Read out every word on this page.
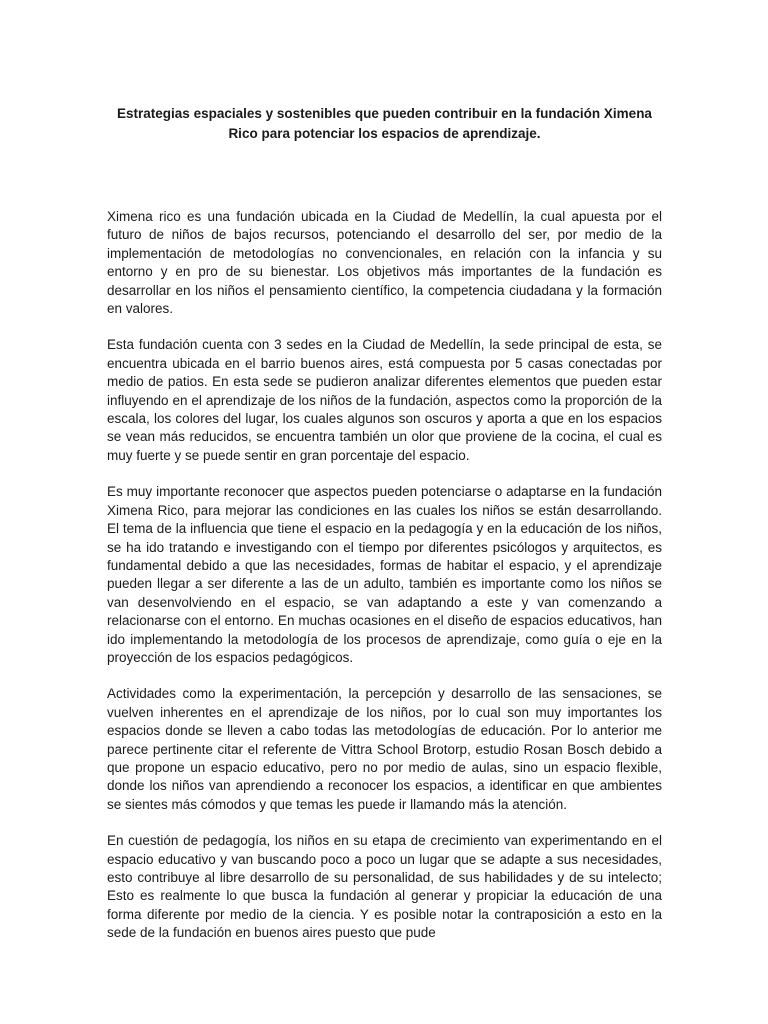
Estrategias espaciales y sostenibles que pueden contribuir en la fundación Ximena Rico para potenciar los espacios de aprendizaje.

Ximena rico es una fundación ubicada en la Ciudad de Medellín, la cual apuesta por el futuro de niños de bajos recursos, potenciando el desarrollo del ser, por medio de la implementación de metodologías no convencionales, en relación con la infancia y su entorno y en pro de su bienestar. Los objetivos más importantes de la fundación es desarrollar en los niños el pensamiento científico, la competencia ciudadana y la formación en valores.

Esta fundación cuenta con 3 sedes en la Ciudad de Medellín, la sede principal de esta, se encuentra ubicada en el barrio buenos aires, está compuesta por 5 casas conectadas por medio de patios. En esta sede se pudieron analizar diferentes elementos que pueden estar influyendo en el aprendizaje de los niños de la fundación, aspectos como la proporción de la escala, los colores del lugar, los cuales algunos son oscuros y aporta a que en los espacios se vean más reducidos, se encuentra también un olor que proviene de la cocina, el cual es muy fuerte y se puede sentir en gran porcentaje del espacio.

Es muy importante reconocer que aspectos pueden potenciarse o adaptarse en la fundación Ximena Rico, para mejorar las condiciones en las cuales los niños se están desarrollando. El tema de la influencia que tiene el espacio en la pedagogía y en la educación de los niños, se ha ido tratando e investigando con el tiempo por diferentes psicólogos y arquitectos, es fundamental debido a que las necesidades, formas de habitar el espacio, y el aprendizaje pueden llegar a ser diferente a las de un adulto, también es importante como los niños se van desenvolviendo en el espacio, se van adaptando a este y van comenzando a relacionarse con el entorno. En muchas ocasiones en el diseño de espacios educativos, han ido implementando la metodología de los procesos de aprendizaje, como guía o eje en la proyección de los espacios pedagógicos.

Actividades como la experimentación, la percepción y desarrollo de las sensaciones, se vuelven inherentes en el aprendizaje de los niños, por lo cual son muy importantes los espacios donde se lleven a cabo todas las metodologías de educación. Por lo anterior me parece pertinente citar el referente de Vittra School Brotorp, estudio Rosan Bosch debido a que propone un espacio educativo, pero no por medio de aulas, sino un espacio flexible, donde los niños van aprendiendo a reconocer los espacios, a identificar en que ambientes se sientes más cómodos y que temas les puede ir llamando más la atención.

En cuestión de pedagogía, los niños en su etapa de crecimiento van experimentando en el espacio educativo y van buscando poco a poco un lugar que se adapte a sus necesidades, esto contribuye al libre desarrollo de su personalidad, de sus habilidades y de su intelecto; Esto es realmente lo que busca la fundación al generar y propiciar la educación de una forma diferente por medio de la ciencia. Y es posible notar la contraposición a esto en la sede de la fundación en buenos aires puesto que pude
